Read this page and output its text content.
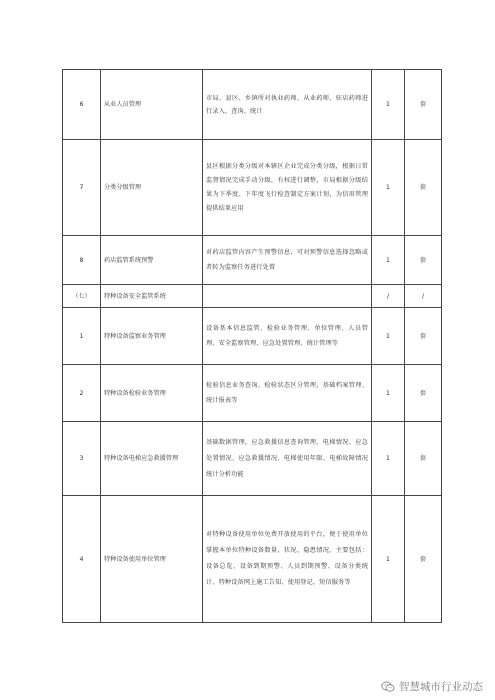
6	从业人员管理	市局、县区、乡镇所对执业药师、从业药师、驻店药师进行录入、查询、统计	1	套
7	分类分级管理	县区根据分类分级对本辖区企业完成分类分级，根据日常监督情况完成手动分级，有权进行调整，市局根据分级结果为下季度、下年度飞行检查制定方案计划，为信用管理提供结果应用	1	套
8	药店监管系统预警	对药店监管内容产生预警信息，可对预警信息选择忽略或者转为监察任务进行处置	1	套
（七）	特种设备安全监管系统		/	/
1	特种设备监察业务管理	设备基本信息监管、检验业务管理、单位管理、人员管理、安全监察管理、应急处置管理、统计管理等	1	套
2	特种设备检验业务管理	检验信息业务查询、检验状态区分管理，基础档案管理、统计报表等	1	套
3	特种设备电梯应急救援管理	基础数据管理，应急救援信息查询管理，电梯情况、应急处置情况、应急救援情况、电梯使用年限、电梯故障情况统计分析功能	1	套
4	特种设备使用单位管理	对特种设备使用单位免费开放使用的平台，便于使用单位掌握本单位特种设备数量、状况、隐患情况。主要包括：设备总览、设备到期预警、人员到期预警、设备分类统计、特种设备网上施工告知、使用登记、短信服务等	1	套
智慧城市行业动态
